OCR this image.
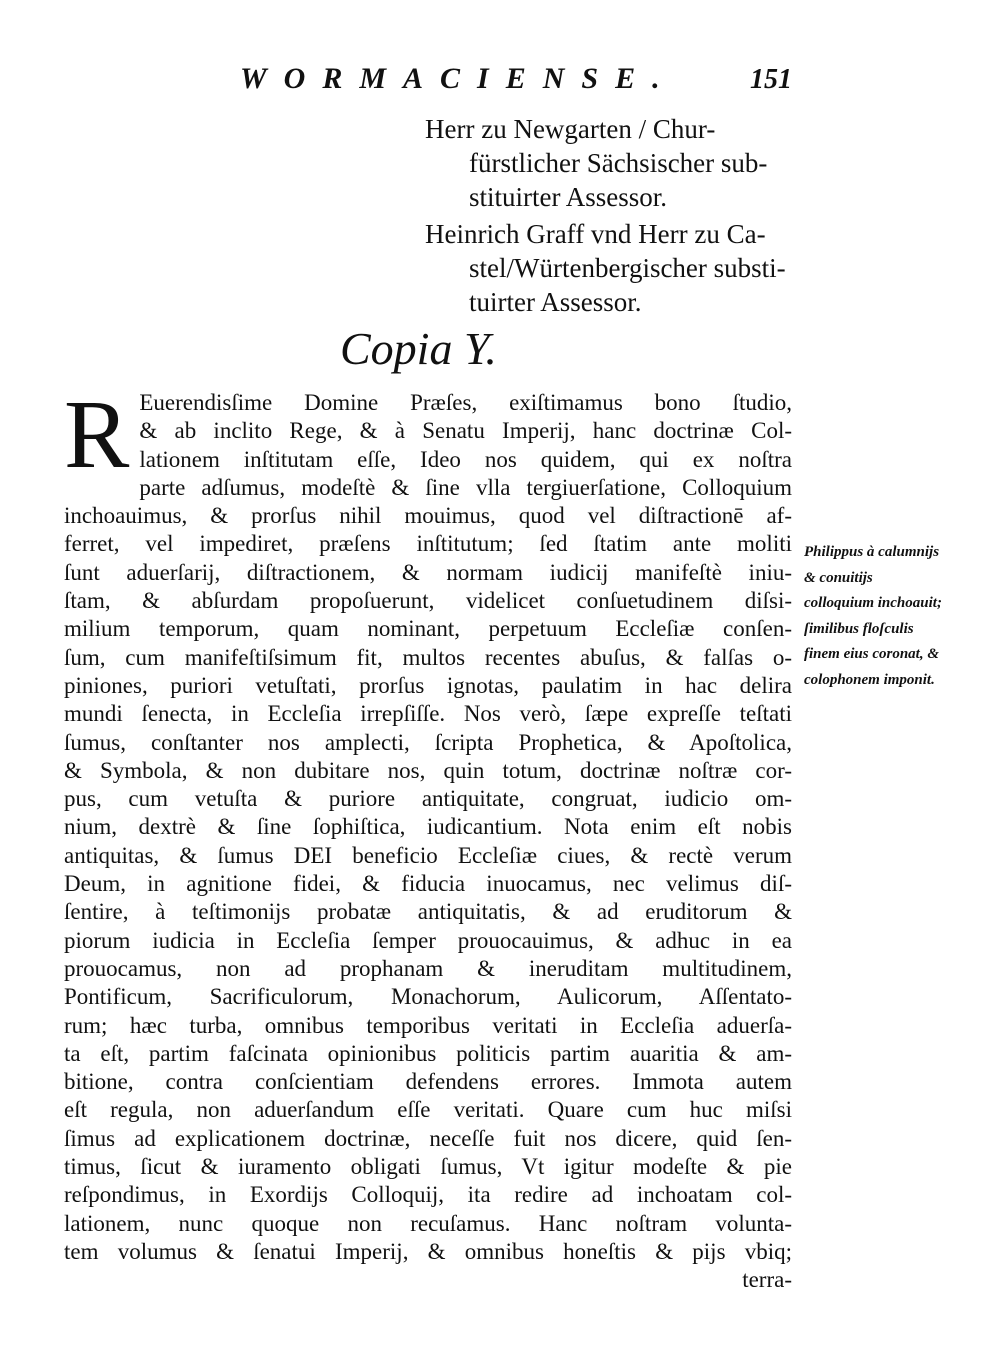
WORMACIENSE.	151
Herr zu Newgarten / Chur-fürstlicher Sächsischer sub-stituirter Assessor.
Heinrich Graff vnd Herr zu Ca-stel/Würtenbergischer substi-tuirter Assessor.
Copia Y.
R Euerendisſime Domine Præſes, exiſtimamus bono ſtudio,
& ab inclito Rege, & à Senatu Imperij, hanc doctrinæ Col-
lationem inſtitutam eſſe, Ideo nos quidem, qui ex noſtra
parte adſumus, modeſtè & ſine vlla tergiuerſatione, Colloquium
inchoauimus, & prorſus nihil mouimus, quod vel diſtractionē af-
ferret, vel impediret, præſens inſtitutum; ſed ſtatim ante moliti
ſunt aduerſarij, diſtractionem, & normam iudicij manifeſtè iniu-
ſtam, & abſurdam propoſuerunt, videlicet conſuetudinem diſsi-
milium temporum, quam nominant, perpetuum Eccleſiæ conſen-
ſum, cum manifeſtiſsimum fit, multos recentes abuſus, & falſas o-
piniones, puriori vetuſtati, prorſus ignotas, paulatim in hac delira
mundi ſenecta, in Eccleſia irrepſiſſe. Nos verò, ſæpe expreſſe teſtati
ſumus, conſtanter nos amplecti, ſcripta Prophetica, & Apoſtolica,
& Symbola, & non dubitare nos, quin totum, doctrinæ noſtræ cor-
pus, cum vetuſta & puriore antiquitate, congruat, iudicio om-
nium, dextrè & ſine ſophiſtica, iudicantium. Nota enim eſt nobis
antiquitas, & ſumus DEI beneficio Eccleſiæ ciues, & rectè verum
Deum, in agnitione fidei, & fiducia inuocamus, nec velimus diſ-
ſentire, à teſtimonijs probatæ antiquitatis, & ad eruditorum &
piorum iudicia in Eccleſia ſemper prouocauimus, & adhuc in ea
prouocamus, non ad prophanam & ineruditam multitudinem,
Pontificum, Sacrificulorum, Monachorum, Aulicorum, Aſſentato-
rum; hæc turba, omnibus temporibus veritati in Eccleſia aduerſa-
ta eſt, partim faſcinata opinionibus politicis partim auaritia & am-
bitione, contra conſcientiam defendens errores. Immota autem
eſt regula, non aduerſandum eſſe veritati. Quare cum huc miſsi
ſimus ad explicationem doctrinæ, neceſſe fuit nos dicere, quid ſen-
timus, ſicut & iuramento obligati ſumus, Vt igitur modeſte & pie
reſpondimus, in Exordijs Colloquij, ita redire ad inchoatam col-
lationem, nunc quoque non recuſamus. Hanc noſtram volunta-
tem volumus & ſenatui Imperij, & omnibus honeſtis & pijs vbiq;
terra-
Philippus à calumnijs & conuitijs colloquium inchoauit; ſimilibus floſculis finem eius coronat, & colophonem imponit.
